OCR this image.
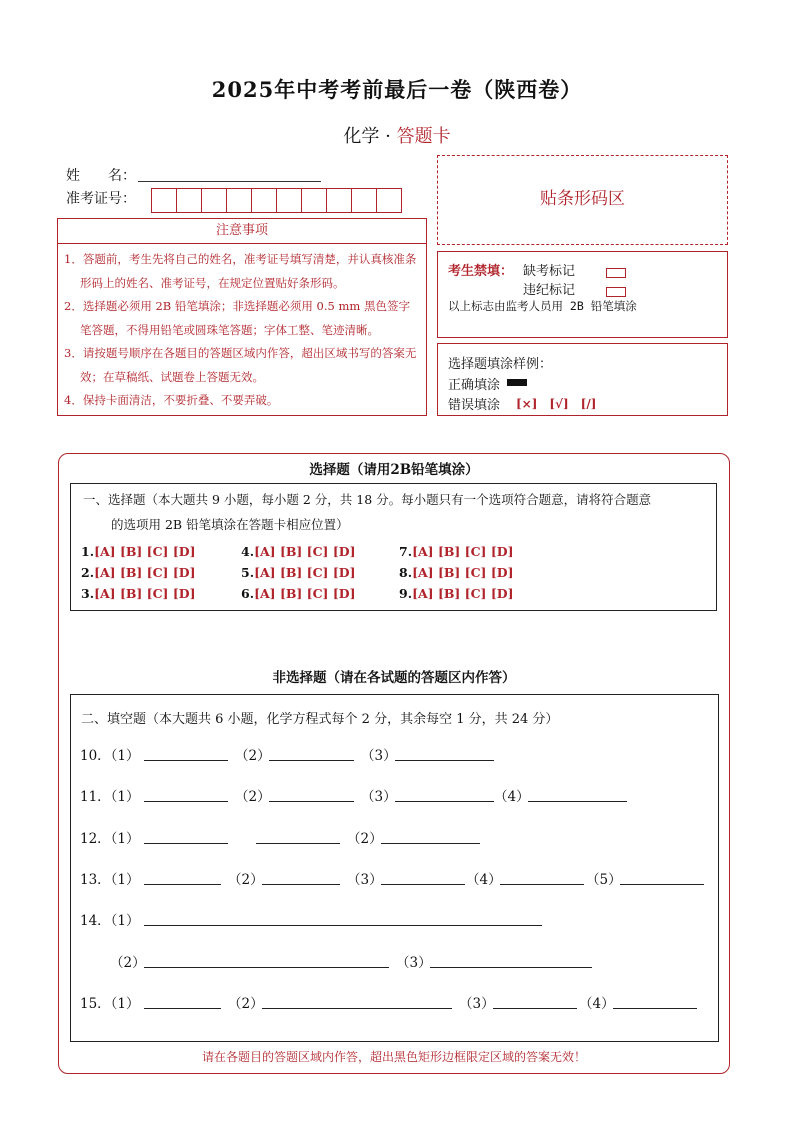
2025年中考考前最后一卷（陕西卷）
化学 · 答题卡
姓　　名：
准考证号：
注意事项
1．答题前，考生先将自己的姓名，准考证号填写清楚，并认真核准条形码上的姓名、准考证号，在规定位置贴好条形码。
2．选择题必须用 2B 铅笔填涂；非选择题必须用 0.5 mm 黑色签字笔答题，不得用铅笔或圆珠笔答题；字体工整、笔迹清晰。
3．请按题号顺序在各题目的答题区域内作答，超出区域书写的答案无效；在草稿纸、试题卷上答题无效。
4．保持卡面清洁，不要折叠、不要弄破。
贴条形码区
考生禁填： 缺考标记
违纪标记
以上标志由监考人员用 2B 铅笔填涂
选择题填涂样例：
正确填涂
错误填涂 [×]　[√]　[/]
选择题（请用2B铅笔填涂）
一、选择题（本大题共 9 小题，每小题 2 分，共 18 分。每小题只有一个选项符合题意，请将符合题意
的选项用 2B 铅笔填涂在答题卡相应位置）
1.[A] [B] [C] [D]	4.[A] [B] [C] [D]	7.[A] [B] [C] [D]
2.[A] [B] [C] [D]	5.[A] [B] [C] [D]	8.[A] [B] [C] [D]
3.[A] [B] [C] [D]	6.[A] [B] [C] [D]	9.[A] [B] [C] [D]
非选择题（请在各试题的答题区内作答）
二、填空题（本大题共 6 小题，化学方程式每个 2 分，其余每空 1 分，共 24 分）
10．（1）	（2）	（3）
11．（1）	（2）	（3）	（4）
12．（1）	（2）
13．（1）	（2）	（3）	（4）	（5）
14．（1）
（2）	（3）
15．（1）	（2）	（3）	（4）
请在各题目的答题区域内作答，超出黑色矩形边框限定区域的答案无效！
